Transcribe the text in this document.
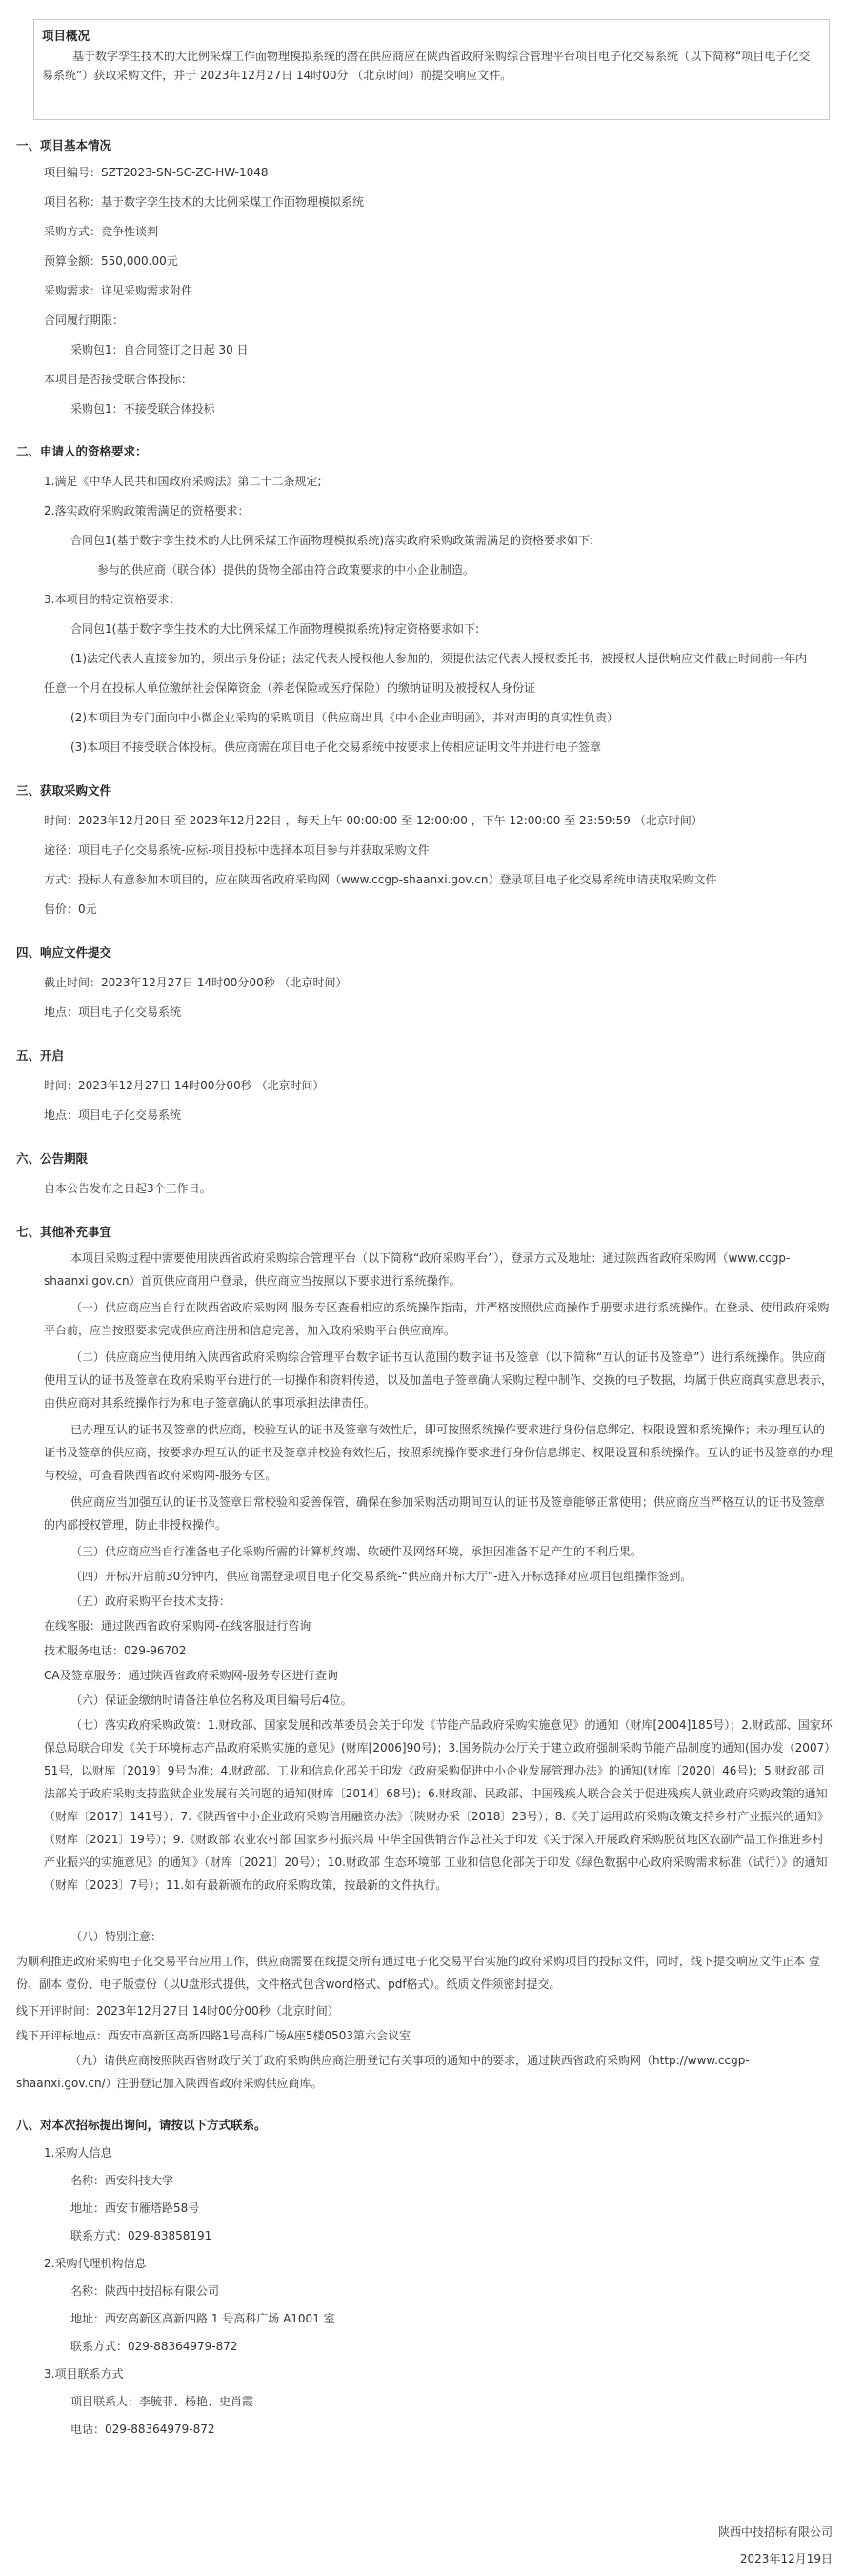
项目概况
基于数字孪生技术的大比例采煤工作面物理模拟系统的潜在供应商应在陕西省政府采购综合管理平台项目电子化交易系统（以下简称“项目电子化交易系统”）获取采购文件，并于 2023年12月27日 14时00分 （北京时间）前提交响应文件。
一、项目基本情况
项目编号：SZT2023-SN-SC-ZC-HW-1048
项目名称：基于数字孪生技术的大比例采煤工作面物理模拟系统
采购方式：竞争性谈判
预算金额：550,000.00元
采购需求：详见采购需求附件
合同履行期限：
采购包1：自合同签订之日起 30 日
本项目是否接受联合体投标：
采购包1：不接受联合体投标
二、申请人的资格要求：
1.满足《中华人民共和国政府采购法》第二十二条规定;
2.落实政府采购政策需满足的资格要求：
合同包1(基于数字孪生技术的大比例采煤工作面物理模拟系统)落实政府采购政策需满足的资格要求如下:
参与的供应商（联合体）提供的货物全部由符合政策要求的中小企业制造。
3.本项目的特定资格要求：
合同包1(基于数字孪生技术的大比例采煤工作面物理模拟系统)特定资格要求如下:
(1)法定代表人直接参加的，须出示身份证；法定代表人授权他人参加的，须提供法定代表人授权委托书，被授权人提供响应文件截止时间前一年内
任意一个月在投标人单位缴纳社会保障资金（养老保险或医疗保险）的缴纳证明及被授权人身份证
(2)本项目为专门面向中小微企业采购的采购项目（供应商出具《中小企业声明函》，并对声明的真实性负责）
(3)本项目不接受联合体投标。供应商需在项目电子化交易系统中按要求上传相应证明文件并进行电子签章
三、获取采购文件
时间：2023年12月20日 至 2023年12月22日 ，每天上午 00:00:00 至 12:00:00 ，下午 12:00:00 至 23:59:59 （北京时间）
途径：项目电子化交易系统-应标-项目投标中选择本项目参与并获取采购文件
方式：投标人有意参加本项目的，应在陕西省政府采购网（www.ccgp-shaanxi.gov.cn）登录项目电子化交易系统申请获取采购文件
售价：0元
四、响应文件提交
截止时间：2023年12月27日 14时00分00秒 （北京时间）
地点：项目电子化交易系统
五、开启
时间：2023年12月27日 14时00分00秒 （北京时间）
地点：项目电子化交易系统
六、公告期限
自本公告发布之日起3个工作日。
七、其他补充事宜
本项目采购过程中需要使用陕西省政府采购综合管理平台（以下简称“政府采购平台”），登录方式及地址：通过陕西省政府采购网（www.ccgp-shaanxi.gov.cn）首页供应商用户登录，供应商应当按照以下要求进行系统操作。
（一）供应商应当自行在陕西省政府采购网-服务专区查看相应的系统操作指南，并严格按照供应商操作手册要求进行系统操作。在登录、使用政府采购平台前，应当按照要求完成供应商注册和信息完善，加入政府采购平台供应商库。
（二）供应商应当使用纳入陕西省政府采购综合管理平台数字证书互认范围的数字证书及签章（以下简称“互认的证书及签章”）进行系统操作。供应商使用互认的证书及签章在政府采购平台进行的一切操作和资料传递，以及加盖电子签章确认采购过程中制作、交换的电子数据，均属于供应商真实意思表示，由供应商对其系统操作行为和电子签章确认的事项承担法律责任。
已办理互认的证书及签章的供应商，校验互认的证书及签章有效性后，即可按照系统操作要求进行身份信息绑定、权限设置和系统操作；未办理互认的证书及签章的供应商，按要求办理互认的证书及签章并校验有效性后，按照系统操作要求进行身份信息绑定、权限设置和系统操作。互认的证书及签章的办理与校验，可查看陕西省政府采购网-服务专区。
供应商应当加强互认的证书及签章日常校验和妥善保管，确保在参加采购活动期间互认的证书及签章能够正常使用；供应商应当严格互认的证书及签章的内部授权管理，防止非授权操作。
（三）供应商应当自行准备电子化采购所需的计算机终端、软硬件及网络环境，承担因准备不足产生的不利后果。
（四）开标/开启前30分钟内，供应商需登录项目电子化交易系统-“供应商开标大厅”-进入开标选择对应项目包组操作签到。
（五）政府采购平台技术支持：
在线客服：通过陕西省政府采购网-在线客服进行咨询
技术服务电话：029-96702
CA及签章服务：通过陕西省政府采购网-服务专区进行查询
（六）保证金缴纳时请备注单位名称及项目编号后4位。
（七）落实政府采购政策：1.财政部、国家发展和改革委员会关于印发《节能产品政府采购实施意见》的通知（财库[2004]185号）；2.财政部、国家环保总局联合印发《关于环境标志产品政府采购实施的意见》(财库[2006]90号)；3.国务院办公厅关于建立政府强制采购节能产品制度的通知(国办发（2007）51号，以财库〔2019〕9号为准；4.财政部、工业和信息化部关于印发《政府采购促进中小企业发展管理办法》的通知(财库〔2020〕46号)；5.财政部 司法部关于政府采购支持监狱企业发展有关问题的通知(财库〔2014〕68号)；6.财政部、民政部、中国残疾人联合会关于促进残疾人就业政府采购政策的通知（财库〔2017〕141号）；7.《陕西省中小企业政府采购信用融资办法》（陕财办采〔2018〕23号）；8.《关于运用政府采购政策支持乡村产业振兴的通知》（财库〔2021〕19号）；9.《财政部 农业农村部 国家乡村振兴局 中华全国供销合作总社关于印发《关于深入开展政府采购脱贫地区农副产品工作推进乡村产业振兴的实施意见》的通知》（财库〔2021〕20号）；10.财政部 生态环境部 工业和信息化部关于印发《绿色数据中心政府采购需求标准（试行）》的通知（财库〔2023〕7号）；11.如有最新颁布的政府采购政策，按最新的文件执行。
（八）特别注意：
为顺利推进政府采购电子化交易平台应用工作，供应商需要在线提交所有通过电子化交易平台实施的政府采购项目的投标文件，同时，线下提交响应文件正本 壹份、副本 壹份、电子版壹份（以U盘形式提供，文件格式包含word格式、pdf格式）。纸质文件须密封提交。
线下开评时间：2023年12月27日 14时00分00秒（北京时间）
线下开评标地点：西安市高新区高新四路1号高科广场A座5楼0503第六会议室
（九）请供应商按照陕西省财政厅关于政府采购供应商注册登记有关事项的通知中的要求，通过陕西省政府采购网（http://www.ccgp-shaanxi.gov.cn/）注册登记加入陕西省政府采购供应商库。
八、对本次招标提出询问，请按以下方式联系。
1.采购人信息
名称：西安科技大学
地址：西安市雁塔路58号
联系方式：029-83858191
2.采购代理机构信息
名称：陕西中技招标有限公司
地址：西安高新区高新四路 1 号高科广场 A1001 室
联系方式：029-88364979-872
3.项目联系方式
项目联系人：李毓菲、杨艳、史肖霞
电话：029-88364979-872
陕西中技招标有限公司
2023年12月19日
